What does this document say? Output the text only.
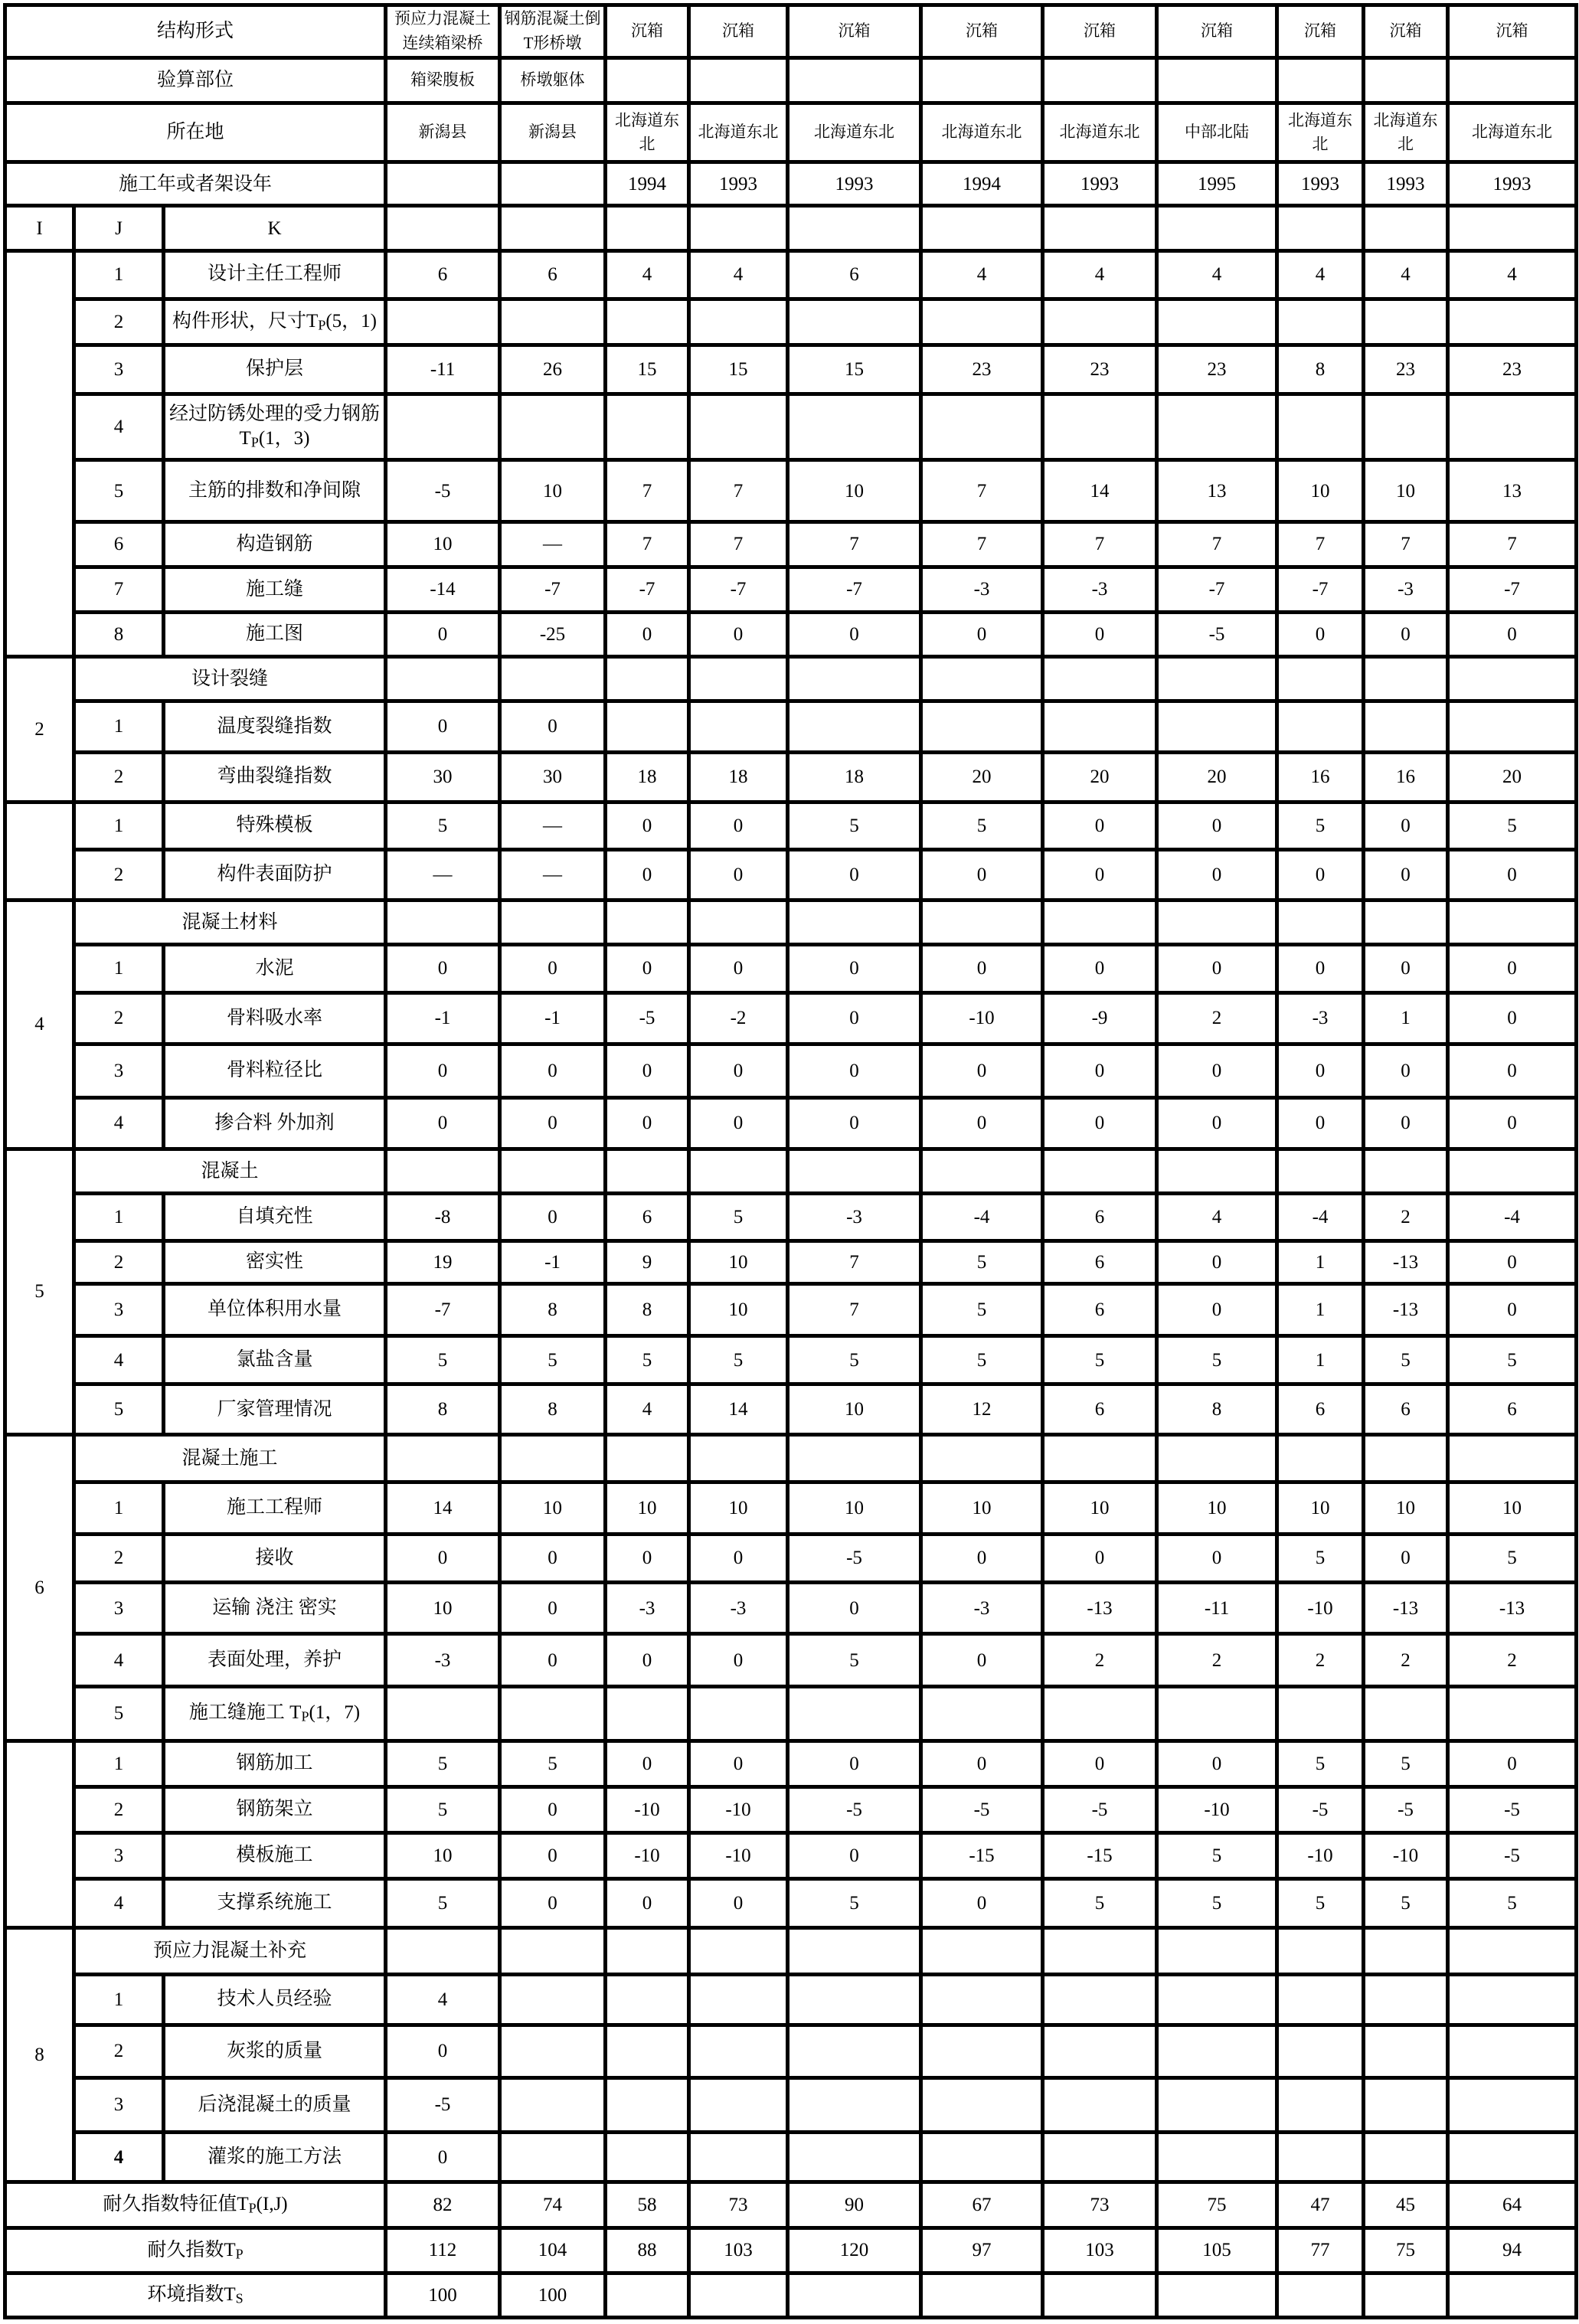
结构形式			预应力混凝土连续箱梁桥	钢筋混凝土倒T形桥墩	沉箱	沉箱	沉箱	沉箱	沉箱	沉箱	沉箱	沉箱	沉箱
验算部位			箱梁腹板	桥墩躯体									
所在地			新潟县	新潟县	北海道东北	北海道东北	北海道东北	北海道东北	北海道东北	中部北陆	北海道东北	北海道东北	北海道东北
施工年或者架设年					1994	1993	1993	1994	1993	1995	1993	1993	1993
I	J	K											
	1	设计主任工程师	6	6	4	4	6	4	4	4	4	4	4
	2	构件形状，尺寸$T_P(5$，1)											
	3	保护层	-11	26	15	15	15	23	23	23	8	23	23
	4	经过防锈处理的受力钢筋$T_P(1$，3)											
	5	主筋的排数和净间隙	-5	10	7	7	10	7	14	13	10	10	13
	6	构造钢筋	10	—	7	7	7	7	7	7	7	7	7
	7	施工缝	-14	-7	-7	-7	-7	-3	-3	-7	-7	-3	-7
	8	施工图	0	-25	0	0	0	0	0	-5	0	0	0
2	设计裂缝												
	1	温度裂缝指数	0	0									
	2	弯曲裂缝指数	30	30	18	18	18	20	20	20	16	16	20
	1	特殊模板	5	—	0	0	5	5	0	0	5	0	5
	2	构件表面防护	—	—	0	0	0	0	0	0	0	0	0
4	混凝土材料												
	1	水泥	0	0	0	0	0	0	0	0	0	0	0
	2	骨料吸水率	-1	-1	-5	-2	0	-10	-9	2	-3	1	0
	3	骨料粒径比	0	0	0	0	0	0	0	0	0	0	0
	4	掺合料 外加剂	0	0	0	0	0	0	0	0	0	0	0
5	混凝土												
	1	自填充性	-8	0	6	5	-3	-4	6	4	-4	2	-4
	2	密实性	19	-1	9	10	7	5	6	0	1	-13	0
	3	单位体积用水量	-7	8	8	10	7	5	6	0	1	-13	0
	4	氯盐含量	5	5	5	5	5	5	5	5	1	5	5
	5	厂家管理情况	8	8	4	14	10	12	6	8	6	6	6
6	混凝土施工												
	1	施工工程师	14	10	10	10	10	10	10	10	10	10	10
	2	接收	0	0	0	0	-5	0	0	0	5	0	5
	3	运输 浇注 密实	10	0	-3	-3	0	-3	-13	-11	-10	-13	-13
	4	表面处理，养护	-3	0	0	0	5	0	2	2	2	2	2
	5	施工缝施工 $T_P(1$，7)											
	1	钢筋加工	5	5	0	0	0	0	0	0	5	5	0
	2	钢筋架立	5	0	-10	-10	-5	-5	-5	-10	-5	-5	-5
	3	模板施工	10	0	-10	-10	0	-15	-15	5	-10	-10	-5
	4	支撑系统施工	5	0	0	0	5	0	5	5	5	5	5
8	预应力混凝土补充												
	1	技术人员经验	4										
	2	灰浆的质量	0										
	3	后浇混凝土的质量	-5										
	4	灌浆的施工方法	0										
耐久指数特征值$T_P(I,J)$			82	74	58	73	90	67	73	75	47	45	64
耐久指数$T_P$			112	104	88	103	120	97	103	105	77	75	94
环境指数$T_S$			100	100									
